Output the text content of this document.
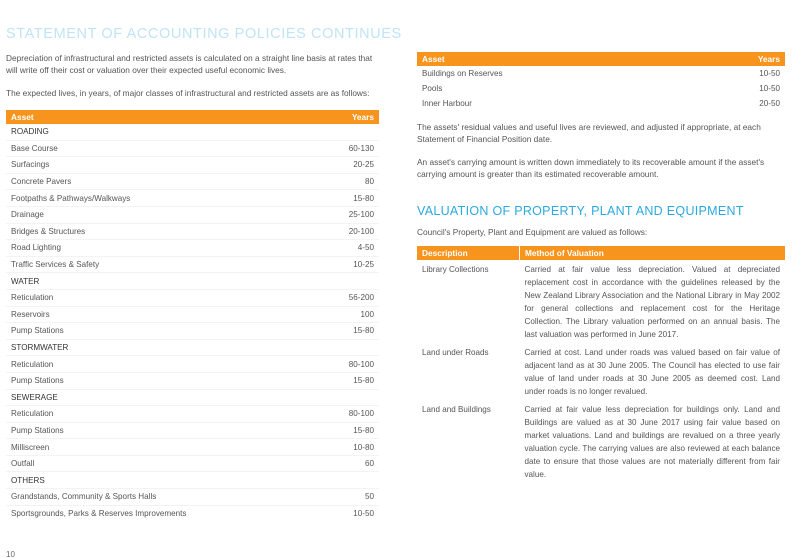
STATEMENT OF ACCOUNTING POLICIES CONTINUES

Depreciation of infrastructural and restricted assets is calculated on a straight line basis at rates that will write off their cost or valuation over their expected useful economic lives.

The expected lives, in years, of major classes of infrastructural and restricted assets are as follows:

Asset	Years
ROADING	
Base Course	60-130
Surfacings	20-25
Concrete Pavers	80
Footpaths & Pathways/Walkways	15-80
Drainage	25-100
Bridges & Structures	20-100
Road Lighting	4-50
Traffic Services & Safety	10-25
WATER	
Reticulation	56-200
Reservoirs	100
Pump Stations	15-80
STORMWATER	
Reticulation	80-100
Pump Stations	15-80
SEWERAGE	
Reticulation	80-100
Pump Stations	15-80
Milliscreen	10-80
Outfall	60
OTHERS	
Grandstands, Community & Sports Halls	50
Sportsgrounds, Parks & Reserves Improvements	10-50
Asset	Years
Buildings on Reserves	10-50
Pools	10-50
Inner Harbour	20-50

The assets' residual values and useful lives are reviewed, and adjusted if appropriate, at each Statement of Financial Position date.

An asset's carrying amount is written down immediately to its recoverable amount if the asset's carrying amount is greater than its estimated recoverable amount.

VALUATION OF PROPERTY, PLANT AND EQUIPMENT

Council's Property, Plant and Equipment are valued as follows:

Description	Method of Valuation
Library Collections	Carried at fair value less depreciation. Valued at depreciated replacement cost in accordance with the guidelines released by the New Zealand Library Association and the National Library in May 2002 for general collections and replacement cost for the Heritage Collection. The Library valuation performed on an annual basis. The last valuation was performed in June 2017.
Land under Roads	Carried at cost. Land under roads was valued based on fair value of adjacent land as at 30 June 2005. The Council has elected to use fair value of land under roads at 30 June 2005 as deemed cost. Land under roads is no longer revalued.
Land and Buildings	Carried at fair value less depreciation for buildings only. Land and Buildings are valued as at 30 June 2017 using fair value based on market valuations. Land and buildings are revalued on a three yearly valuation cycle. The carrying values are also reviewed at each balance date to ensure that those values are not materially different from fair value.
10
